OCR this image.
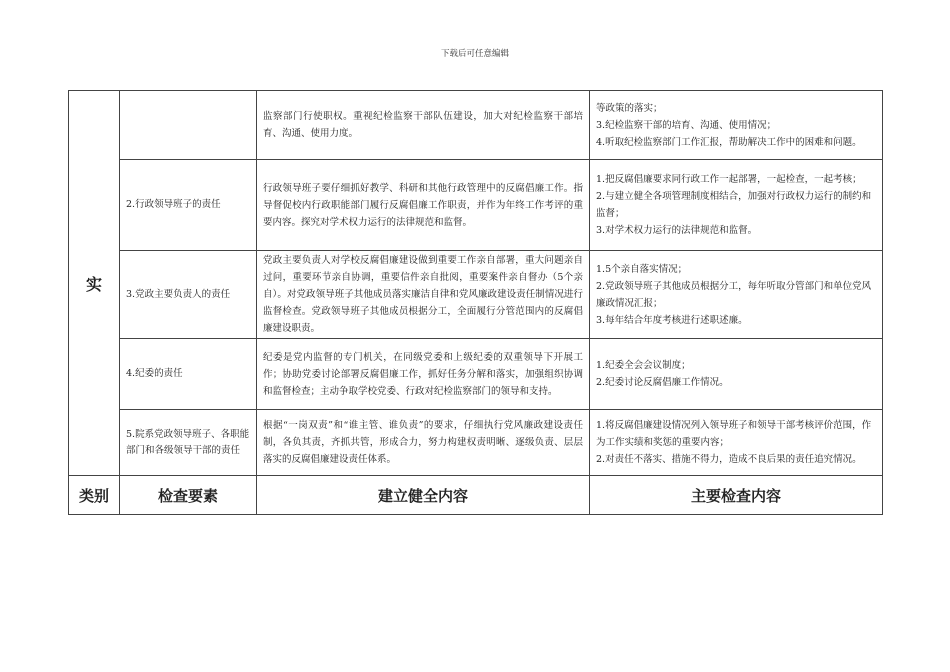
下载后可任意编辑
实		监察部门行使职权。重视纪检监察干部队伍建设，加大对纪检监察干部培育、沟通、使用力度。	等政策的落实；
3.纪检监察干部的培育、沟通、使用情况；
4.听取纪检监察部门工作汇报，帮助解决工作中的困难和问题。

	2.行政领导班子的责任	行政领导班子要仔细抓好教学、科研和其他行政管理中的反腐倡廉工作。指导督促校内行政职能部门履行反腐倡廉工作职责，并作为年终工作考评的重要内容。探究对学术权力运行的法律规范和监督。	1.把反腐倡廉要求同行政工作一起部署，一起检查，一起考核；
2.与建立健全各项管理制度相结合，加强对行政权力运行的制约和监督；
3.对学术权力运行的法律规范和监督。

	3.党政主要负责人的责任	党政主要负责人对学校反腐倡廉建设做到重要工作亲自部署，重大问题亲自过问，重要环节亲自协调，重要信件亲自批阅，重要案件亲自督办（5个亲自）。对党政领导班子其他成员落实廉洁自律和党风廉政建设责任制情况进行监督检查。党政领导班子其他成员根据分工，全面履行分管范围内的反腐倡廉建设职责。	1.5个亲自落实情况；
2.党政领导班子其他成员根据分工，每年听取分管部门和单位党风廉政情况汇报；
3.每年结合年度考核进行述职述廉。

	4.纪委的责任	纪委是党内监督的专门机关，在同级党委和上级纪委的双重领导下开展工作；协助党委讨论部署反腐倡廉工作，抓好任务分解和落实，加强组织协调和监督检查；主动争取学校党委、行政对纪检监察部门的领导和支持。	1.纪委全会会议制度；
2.纪委讨论反腐倡廉工作情况。

	5.院系党政领导班子、各职能部门和各级领导干部的责任	根据“一岗双责”和“谁主管、谁负责”的要求，仔细执行党风廉政建设责任制，各负其责，齐抓共管，形成合力，努力构建权责明晰、逐级负责、层层落实的反腐倡廉建设责任体系。	1.将反腐倡廉建设情况列入领导班子和领导干部考核评价范围，作为工作实绩和奖惩的重要内容；
2.对责任不落实、措施不得力，造成不良后果的责任追究情况。

类别	检查要素	建立健全内容	主要检查内容
